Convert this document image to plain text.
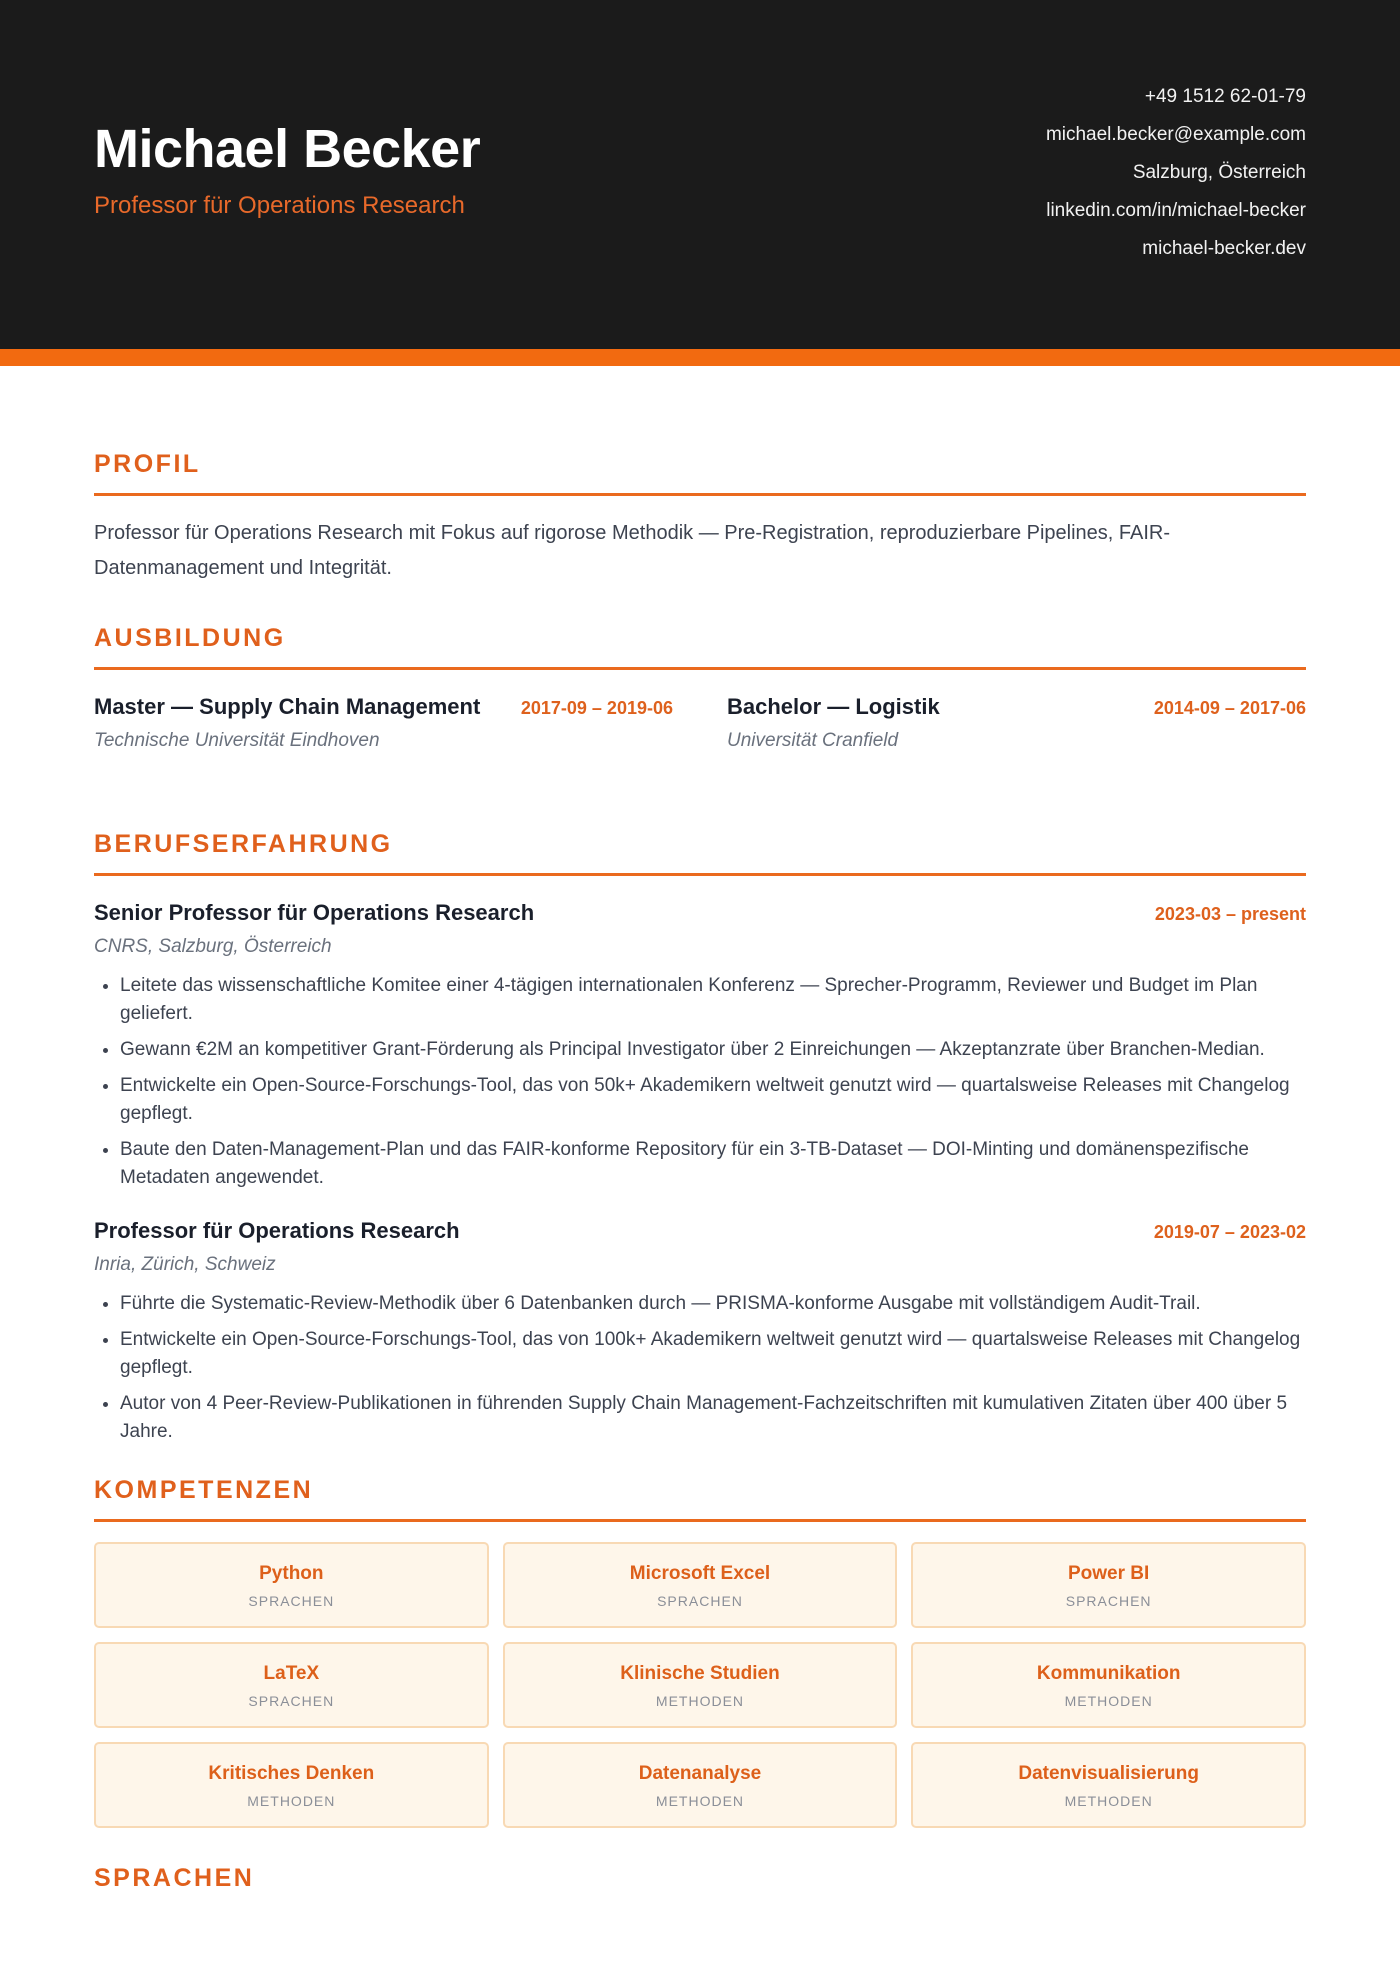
Michael Becker
Professor für Operations Research
+49 1512 62-01-79
michael.becker@example.com
Salzburg, Österreich
linkedin.com/in/michael-becker
michael-becker.dev
PROFIL

Professor für Operations Research mit Fokus auf rigorose Methodik — Pre-Registration, reproduzierbare Pipelines, FAIR-Datenmanagement und Integrität.

AUSBILDUNG
Master — Supply Chain Management 2017-09 – 2019-06
Technische Universität Eindhoven
Bachelor — Logistik	2014-09 – 2017-06
Universität Cranfield
BERUFSERFAHRUNG
Senior Professor für Operations Research	2023-03 – present
CNRS, Salzburg, Österreich
• Leitete das wissenschaftliche Komitee einer 4-tägigen internationalen Konferenz — Sprecher-Programm, Reviewer und Budget im Plan geliefert.
• Gewann €2M an kompetitiver Grant-Förderung als Principal Investigator über 2 Einreichungen — Akzeptanzrate über Branchen-Median.
• Entwickelte ein Open-Source-Forschungs-Tool, das von 50k+ Akademikern weltweit genutzt wird — quartalsweise Releases mit Changelog gepflegt.
• Baute den Daten-Management-Plan und das FAIR-konforme Repository für ein 3-TB-Dataset — DOI-Minting und domänenspezifische Metadaten angewendet.
Professor für Operations Research	2019-07 – 2023-02
Inria, Zürich, Schweiz
• Führte die Systematic-Review-Methodik über 6 Datenbanken durch — PRISMA-konforme Ausgabe mit vollständigem Audit-Trail.
• Entwickelte ein Open-Source-Forschungs-Tool, das von 100k+ Akademikern weltweit genutzt wird — quartalsweise Releases mit Changelog gepflegt.
• Autor von 4 Peer-Review-Publikationen in führenden Supply Chain Management-Fachzeitschriften mit kumulativen Zitaten über 400 über 5 Jahre.
KOMPETENZEN
Python
SPRACHEN
Microsoft Excel
SPRACHEN
Power BI
SPRACHEN
LaTeX
SPRACHEN
Klinische Studien
METHODEN
Kommunikation
METHODEN
Kritisches Denken
METHODEN
Datenanalyse
METHODEN
Datenvisualisierung
METHODEN
SPRACHEN
